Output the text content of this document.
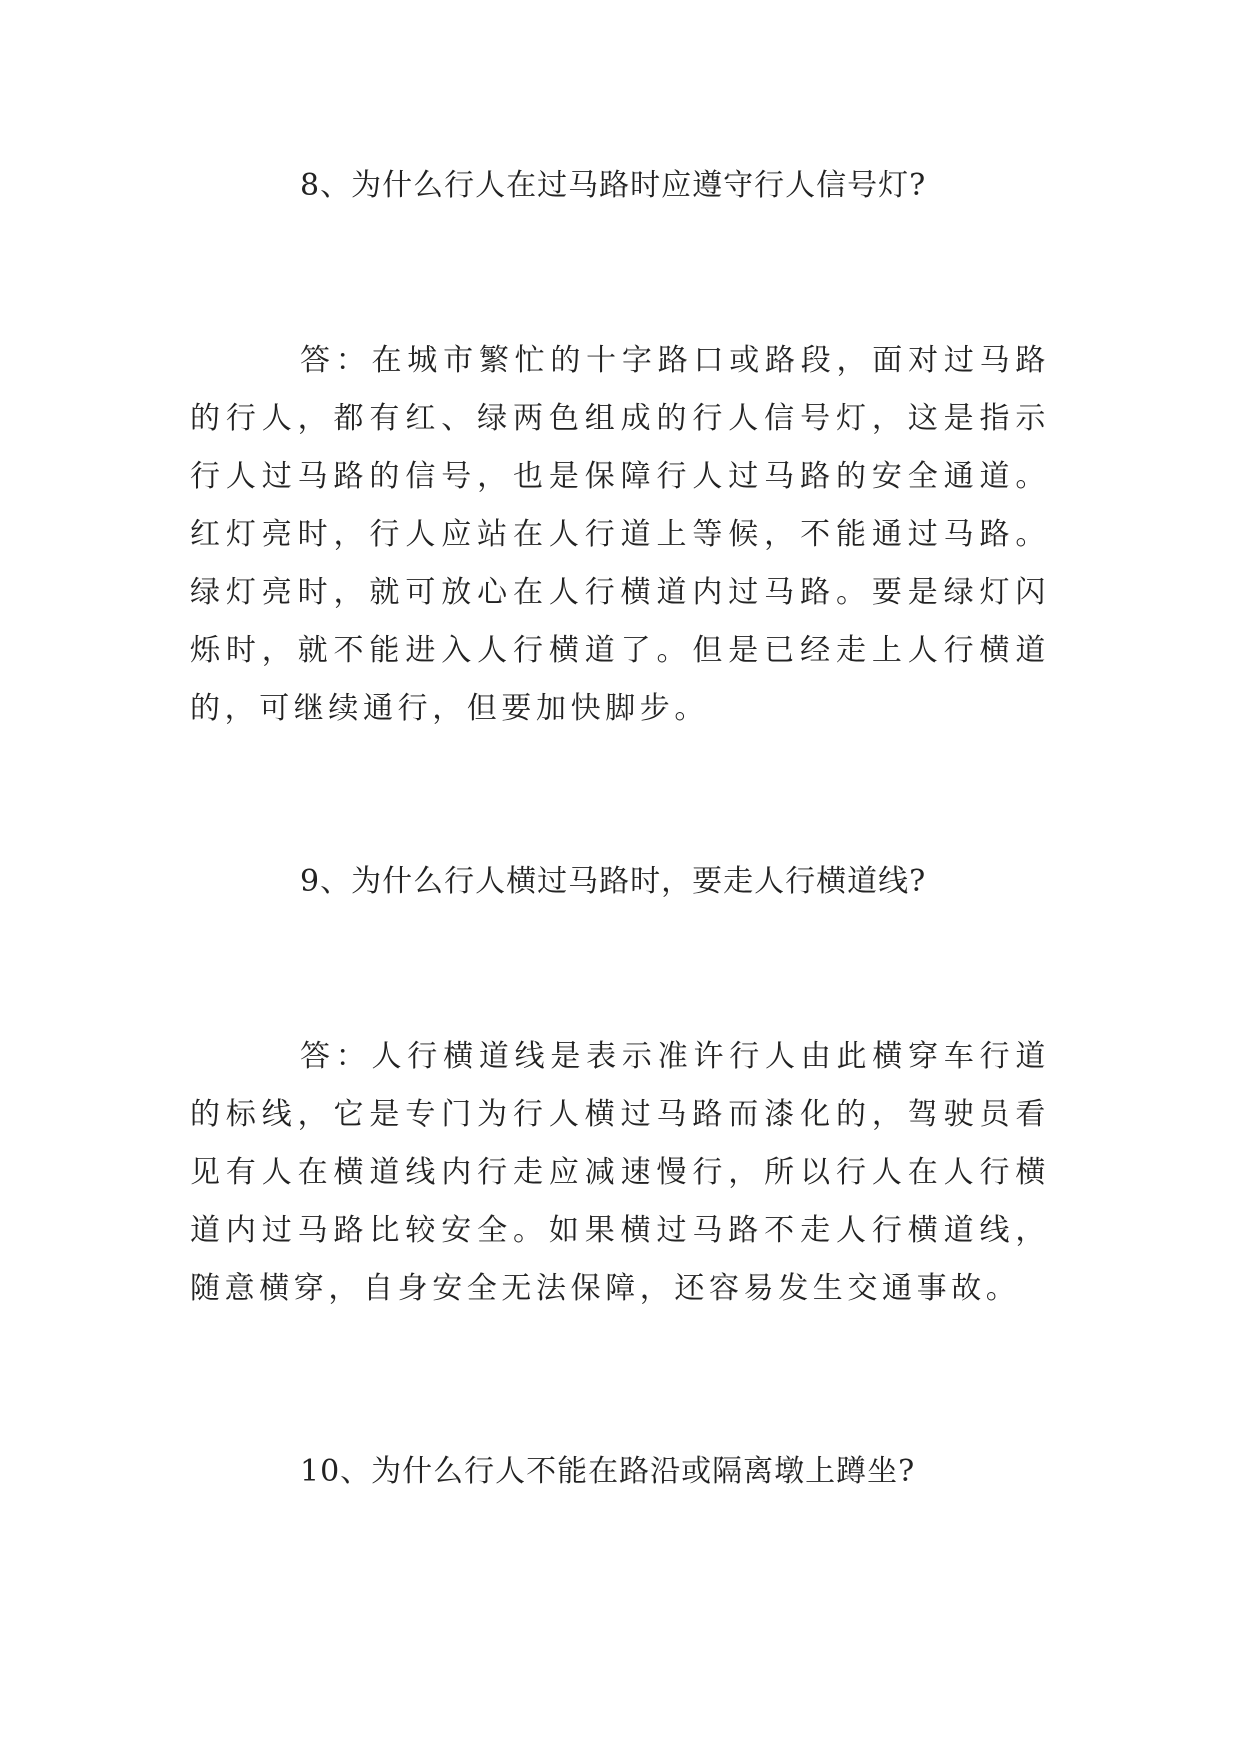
8、为什么行人在过马路时应遵守行人信号灯?
答：在城市繁忙的十字路口或路段，面对过马路的行人，都有红、绿两色组成的行人信号灯，这是指示行人过马路的信号，也是保障行人过马路的安全通道。红灯亮时，行人应站在人行道上等候，不能通过马路。绿灯亮时，就可放心在人行横道内过马路。要是绿灯闪烁时，就不能进入人行横道了。但是已经走上人行横道的，可继续通行，但要加快脚步。
9、为什么行人横过马路时，要走人行横道线?
答：人行横道线是表示准许行人由此横穿车行道的标线，它是专门为行人横过马路而漆化的，驾驶员看见有人在横道线内行走应减速慢行，所以行人在人行横道内过马路比较安全。如果横过马路不走人行横道线，随意横穿，自身安全无法保障，还容易发生交通事故。
10、为什么行人不能在路沿或隔离墩上蹲坐?
